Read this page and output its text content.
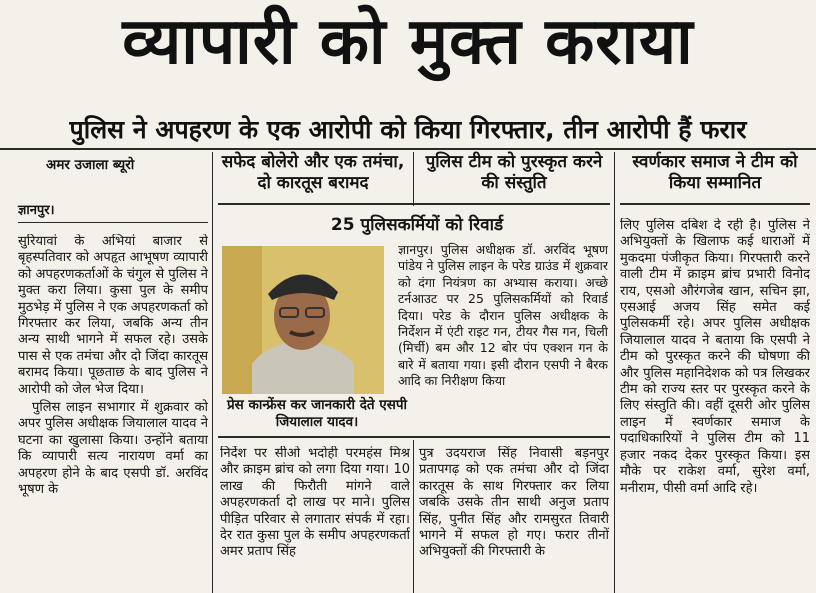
व्यापारी को मुक्त कराया
पुलिस ने अपहरण के एक आरोपी को किया गिरफ्तार, तीन आरोपी हैं फरार
अमर उजाला ब्यूरो
ज्ञानपुर।
सफेद बोलेरो और एक तमंचा, दो कारतूस बरामद
पुलिस टीम को पुरस्कृत करने की संस्तुति
स्वर्णकार समाज ने टीम को किया सम्मानित

सुरियावां के अभियां बाजार से बृहस्पतिवार को अपहृत आभूषण व्यापारी को अपहरणकर्ताओं के चंगुल से पुलिस ने मुक्त करा लिया। कुसा पुल के समीप मुठभेड़ में पुलिस ने एक अपहरणकर्ता को गिरफ्तार कर लिया, जबकि अन्य तीन अन्य साथी भागने में सफल रहे। उसके पास से एक तमंचा और दो जिंदा कारतूस बरामद किया। पूछताछ के बाद पुलिस ने आरोपी को जेल भेज दिया।

पुलिस लाइन सभागार में शुक्रवार को अपर पुलिस अधीक्षक जियालाल यादव ने घटना का खुलासा किया। उन्होंने बताया कि व्यापारी सत्य नारायण वर्मा का अपहरण होने के बाद एसपी डॉ. अरविंद भूषण के

25 पुलिसकर्मियों को रिवार्ड
ज्ञानपुर। पुलिस अधीक्षक डॉ. अरविंद भूषण पांडेय ने पुलिस लाइन के परेड ग्राउंड में शुक्रवार को दंगा नियंत्रण का अभ्यास कराया। अच्छे टर्नआउट पर 25 पुलिसकर्मियों को रिवार्ड दिया। परेड के दौरान पुलिस अधीक्षक के निर्देशन में एंटी राइट गन, टीयर गैस गन, चिली (मिर्ची) बम और 12 बोर पंप एक्शन गन के बारे में बताया गया। इसी दौरान एसपी ने बैरक आदि का निरीक्षण किया
प्रेस कान्फ्रेंस कर जानकारी देते एसपी जियालाल यादव।
निर्देश पर सीओ भदोही परमहंस मिश्र और क्राइम ब्रांच को लगा दिया गया। 10 लाख की फिरौती मांगने वाले अपहरणकर्ता दो लाख पर माने। पुलिस पीड़ित परिवार से लगातार संपर्क में रहा। देर रात कुसा पुल के समीप अपहरणकर्ता अमर प्रताप सिंह
पुत्र उदयराज सिंह निवासी बड़नपुर प्रतापगढ़ को एक तमंचा और दो जिंदा कारतूस के साथ गिरफ्तार कर लिया जबकि उसके तीन साथी अनुज प्रताप सिंह, पुनीत सिंह और रामसुरत तिवारी भागने में सफल हो गए। फरार तीनों अभियुक्तों की गिरफ्तारी के
लिए पुलिस दबिश दे रही है। पुलिस ने अभियुक्तों के खिलाफ कई धाराओं में मुकदमा पंजीकृत किया। गिरफ्तारी करने वाली टीम में क्राइम ब्रांच प्रभारी विनोद राय, एसओ औरंगजेब खान, सचिन झा, एसआई अजय सिंह समेत कई पुलिसकर्मी रहे। अपर पुलिस अधीक्षक जियालाल यादव ने बताया कि एसपी ने टीम को पुरस्कृत करने की घोषणा की और पुलिस महानिदेशक को पत्र लिखकर टीम को राज्य स्तर पर पुरस्कृत करने के लिए संस्तुति की। वहीं दूसरी ओर पुलिस लाइन में स्वर्णकार समाज के पदाधिकारियों ने पुलिस टीम को 11 हजार नकद देकर पुरस्कृत किया। इस मौके पर राकेश वर्मा, सुरेश वर्मा, मनीराम, पीसी वर्मा आदि रहे।
